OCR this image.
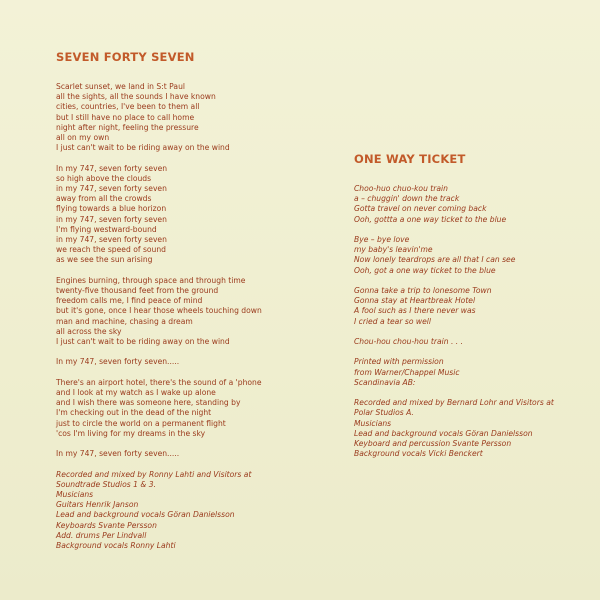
SEVEN FORTY SEVEN
Scarlet sunset, we land in S:t Paul
all the sights, all the sounds I have known
cities, countries, I've been to them all
but I still have no place to call home
night after night, feeling the pressure
all on my own
I just can't wait to be riding away on the wind
In my 747, seven forty seven
so high above the clouds
in my 747, seven forty seven
away from all the crowds
flying towards a blue horizon
in my 747, seven forty seven
I'm flying westward-bound
in my 747, seven forty seven
we reach the speed of sound
as we see the sun arising
Engines burning, through space and through time
twenty-five thousand feet from the ground
freedom calls me, I find peace of mind
but it's gone, once I hear those wheels touching down
man and machine, chasing a dream
all across the sky
I just can't wait to be riding away on the wind
In my 747, seven forty seven.....
There's an airport hotel, there's the sound of a 'phone
and I look at my watch as I wake up alone
and I wish there was someone here, standing by
I'm checking out in the dead of the night
just to circle the world on a permanent flight
'cos I'm living for my dreams in the sky
In my 747, seven forty seven.....
Recorded and mixed by Ronny Lahti and Visitors at
Soundtrade Studios 1 & 3.
Musicians
Guitars Henrik Janson
Lead and background vocals Göran Danielsson
Keyboards Svante Persson
Add. drums Per Lindvall
Background vocals Ronny Lahti
ONE WAY TICKET
Choo-huo chuo-kou train
a – chuggin' down the track
Gotta travel on never coming back
Ooh, gottta a one way ticket to the blue
Bye – bye love
my baby's leavin'me
Now lonely teardrops are all that I can see
Ooh, got a one way ticket to the blue
Gonna take a trip to lonesome Town
Gonna stay at Heartbreak Hotel
A fool such as I there never was
I cried a tear so well
Chou-hou chou-hou train . . .
Printed with permission
from Warner/Chappel Music
Scandinavia AB:
Recorded and mixed by Bernard Lohr and Visitors at
Polar Studios A.
Musicians
Lead and background vocals Göran Danielsson
Keyboard and percussion Svante Persson
Background vocals Vicki Benckert
